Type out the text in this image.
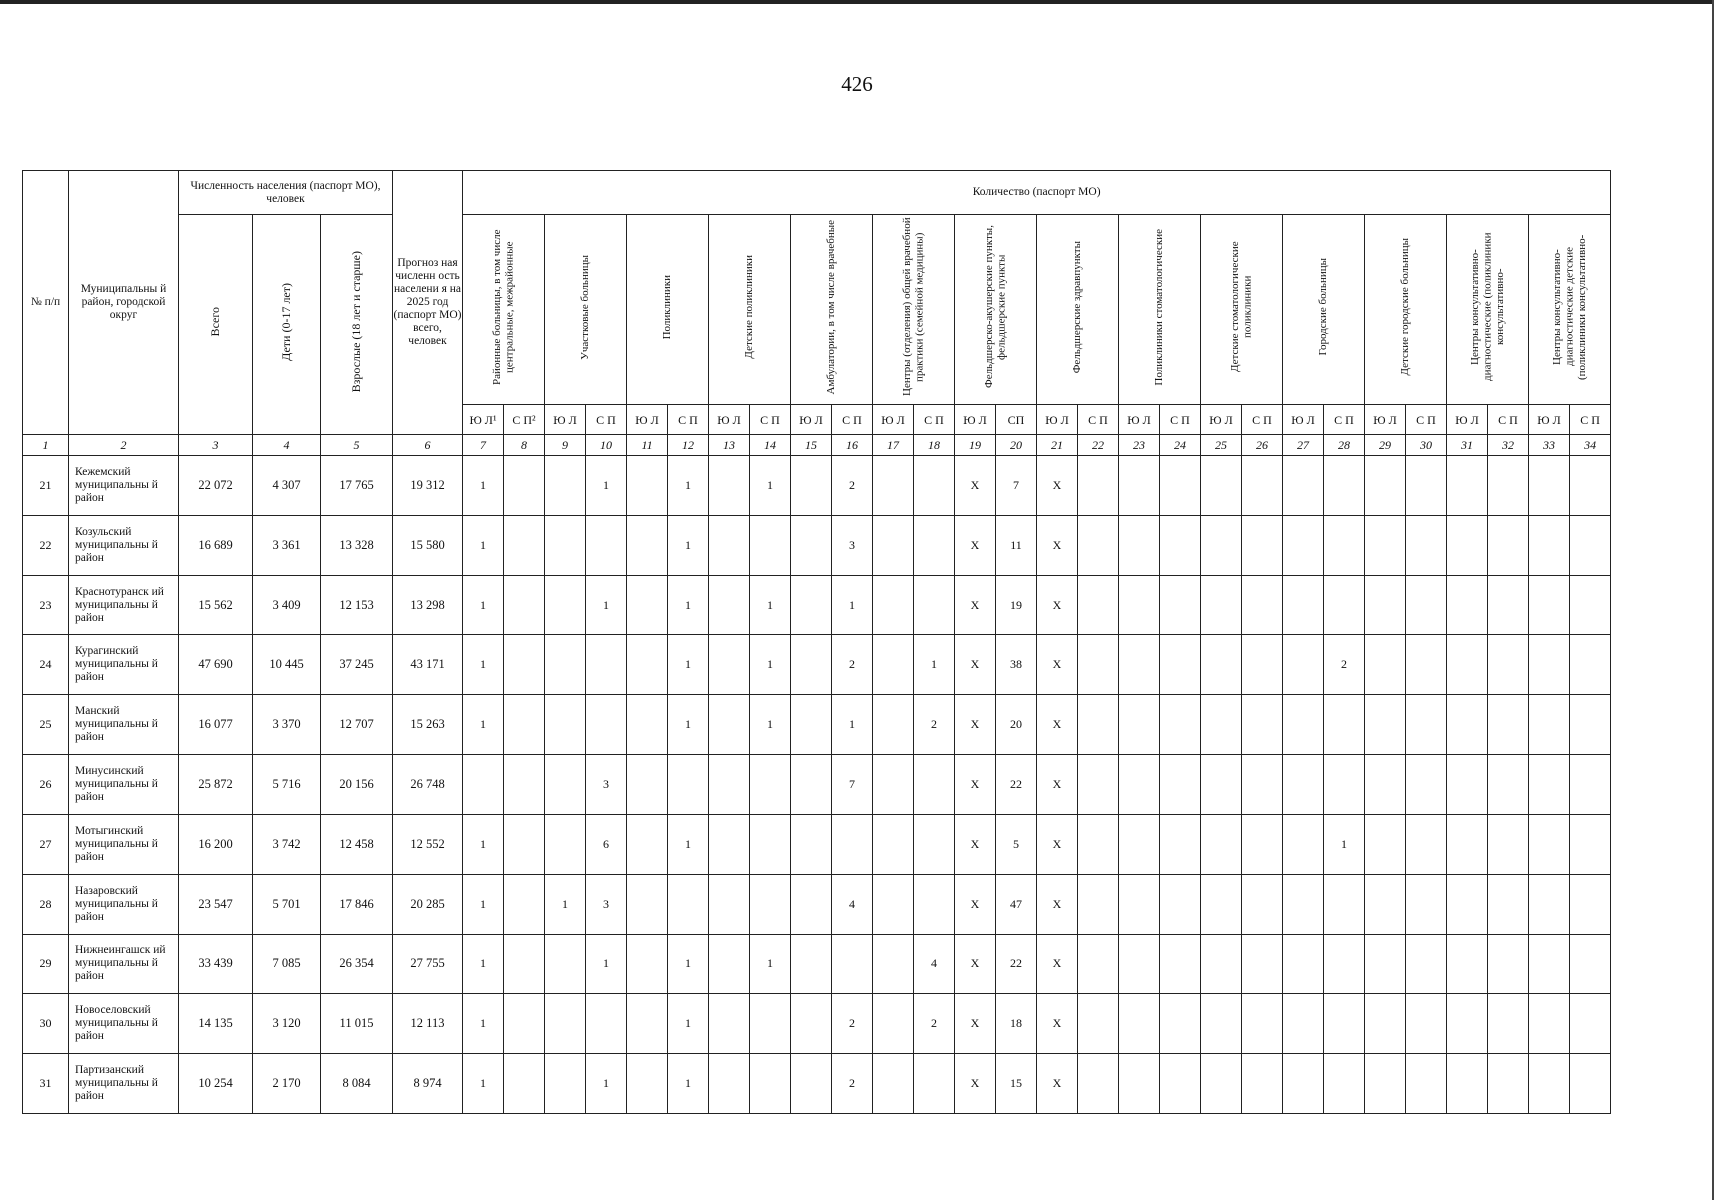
426
№ п/п	Муниципальны й район, городской округ	Численность населения (паспорт МО), человек			Прогноз ная численн ость населени я на 2025 год (паспорт МО) всего, человек	Количество (паспорт МО)																											
		Всего	Дети (0-17 лет)	Взрослые (18 лет и старше)		Районные больницы, в том числе центральные, межрайонные		Участковые больницы		Поликлиники		Детские поликлиники		Амбулатории, в том числе врачебные		Центры (отделения) общей врачебной практики (семейной медицины)		Фельдшерско-акушерские пункты, фельдшерские пункты		Фельдшерские здравпункты		Поликлиники стоматологические		Детские стоматологические поликлиники		Городские больницы		Детские городские больницы		Центры консультативно-диагностические (поликлиники консультативно-		Центры консультативно-диагностические детские (поликлиники консультативно-	
						Ю Л¹	С П²	Ю Л	С П	Ю Л	С П	Ю Л	С П	Ю Л	С П	Ю Л	С П	Ю Л	СП	Ю Л	С П	Ю Л	С П	Ю Л	С П	Ю Л	С П	Ю Л	С П	Ю Л	С П	Ю Л	С П
1	2	3	4	5	6	7	8	9	10	11	12	13	14	15	16	17	18	19	20	21	22	23	24	25	26	27	28	29	30	31	32	33	34
21	Кежемский муниципальны й район	22 072	4 307	17 765	19 312	1			1		1		1		2			X	7	X													
22	Козульский муниципальны й район	16 689	3 361	13 328	15 580	1					1				3			X	11	X													
23	Краснотуранск ий муниципальны й район	15 562	3 409	12 153	13 298	1			1		1		1		1			X	19	X													
24	Курагинский муниципальны й район	47 690	10 445	37 245	43 171	1					1		1		2		1	X	38	X							2						
25	Манский муниципальны й район	16 077	3 370	12 707	15 263	1					1		1		1		2	X	20	X													
26	Минусинский муниципальны й район	25 872	5 716	20 156	26 748				3						7			X	22	X													
27	Мотыгинский муниципальны й район	16 200	3 742	12 458	12 552	1			6		1							X	5	X							1						
28	Назаровский муниципальны й район	23 547	5 701	17 846	20 285	1		1	3						4			X	47	X													
29	Нижнеингашск ий муниципальны й район	33 439	7 085	26 354	27 755	1			1		1		1				4	X	22	X													
30	Новоселовский муниципальны й район	14 135	3 120	11 015	12 113	1					1				2		2	X	18	X													
31	Партизанский муниципальны й район	10 254	2 170	8 084	8 974	1			1		1				2			X	15	X													
